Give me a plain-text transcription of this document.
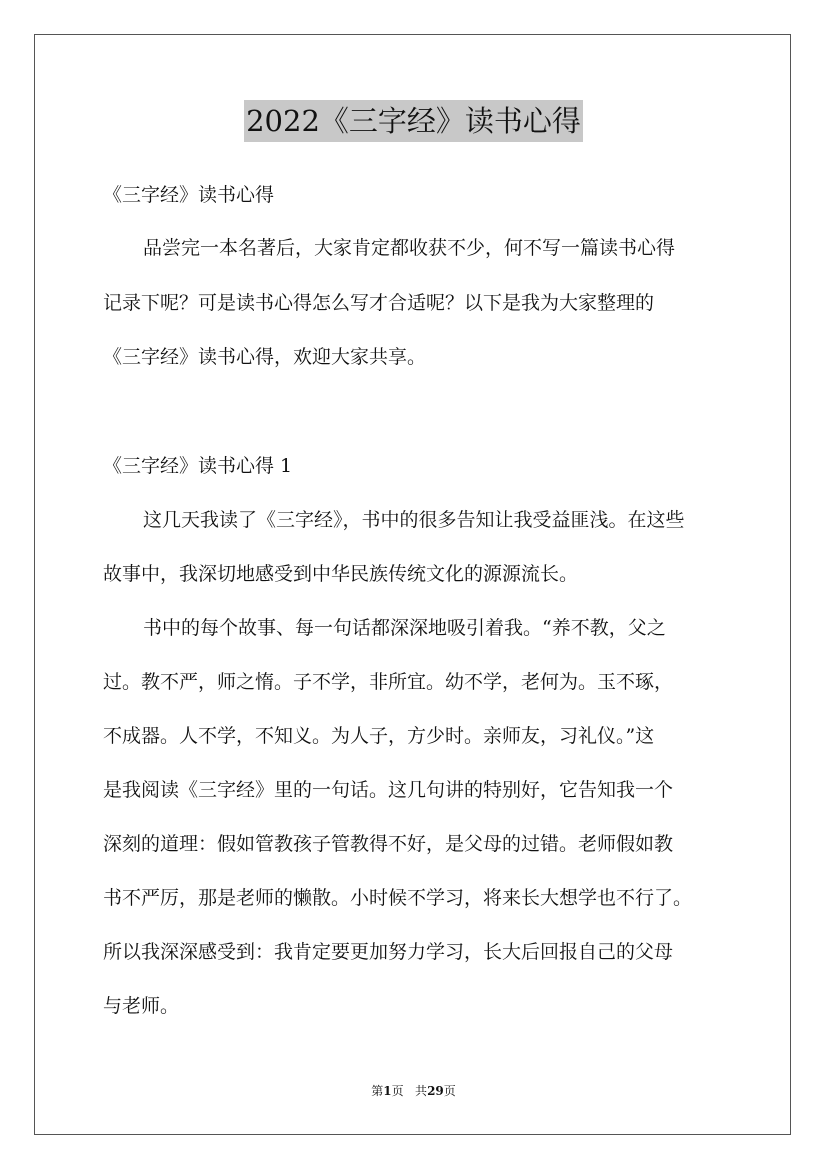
2022《三字经》读书心得
《三字经》读书心得
品尝完一本名著后，大家肯定都收获不少，何不写一篇读书心得
记录下呢？可是读书心得怎么写才合适呢？以下是我为大家整理的
《三字经》读书心得，欢迎大家共享。
《三字经》读书心得 1
这几天我读了《三字经》，书中的很多告知让我受益匪浅。在这些
故事中，我深切地感受到中华民族传统文化的源源流长。
书中的每个故事、每一句话都深深地吸引着我。“养不教，父之
过。教不严，师之惰。子不学，非所宜。幼不学，老何为。玉不琢，
不成器。人不学，不知义。为人子，方少时。亲师友，习礼仪。”这
是我阅读《三字经》里的一句话。这几句讲的特别好，它告知我一个
深刻的道理：假如管教孩子管教得不好，是父母的过错。老师假如教
书不严厉，那是老师的懒散。小时候不学习，将来长大想学也不行了。
所以我深深感受到：我肯定要更加努力学习，长大后回报自己的父母
与老师。
第1页 共29页
